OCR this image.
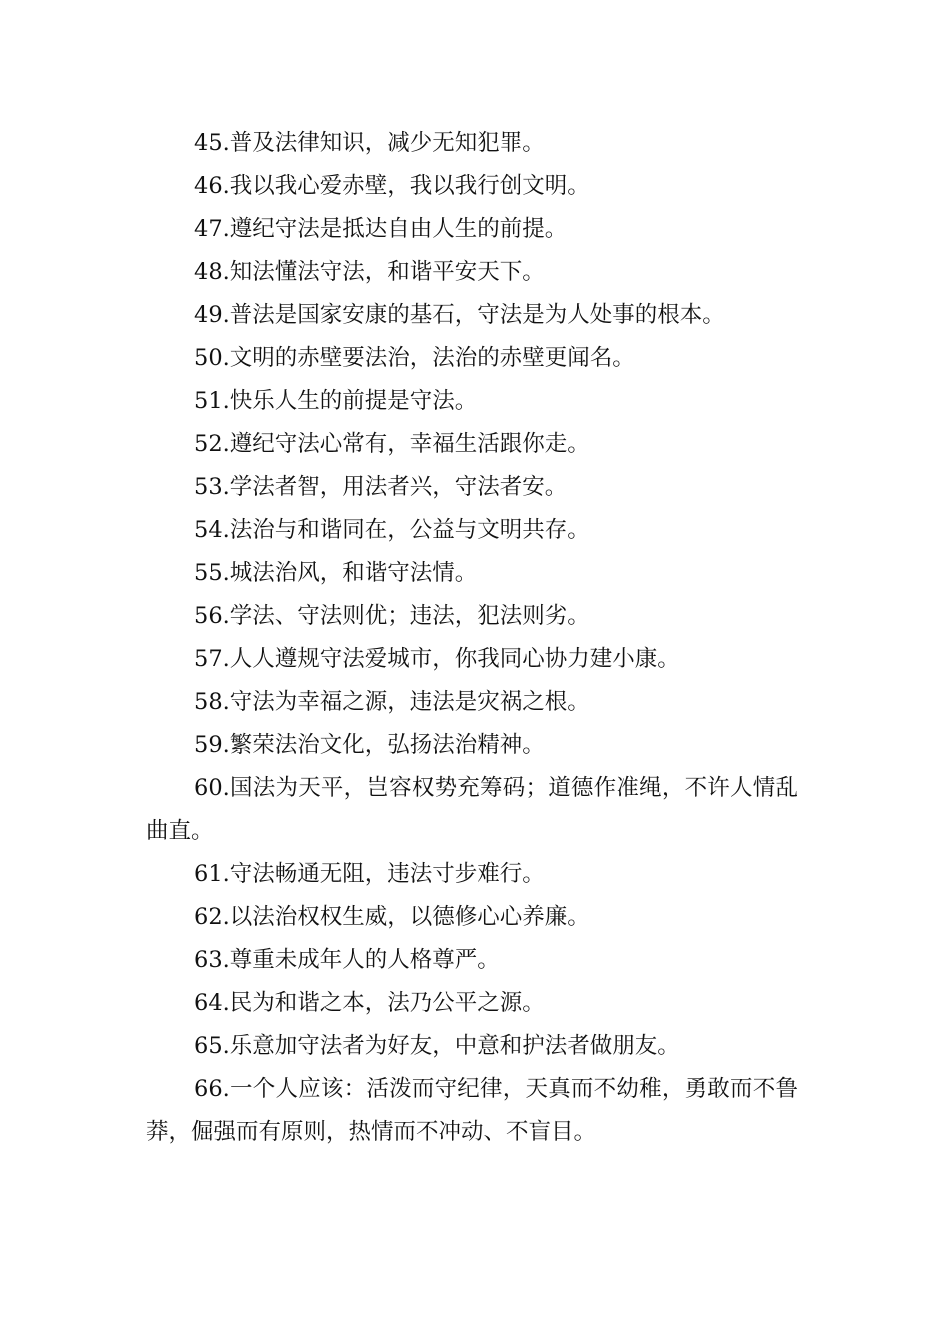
45.普及法律知识，减少无知犯罪。

46.我以我心爱赤壁，我以我行创文明。

47.遵纪守法是抵达自由人生的前提。

48.知法懂法守法，和谐平安天下。

49.普法是国家安康的基石，守法是为人处事的根本。

50.文明的赤壁要法治，法治的赤壁更闻名。

51.快乐人生的前提是守法。

52.遵纪守法心常有，幸福生活跟你走。

53.学法者智，用法者兴，守法者安。

54.法治与和谐同在，公益与文明共存。

55.城法治风，和谐守法情。

56.学法、守法则优；违法，犯法则劣。

57.人人遵规守法爱城市，你我同心协力建小康。

58.守法为幸福之源，违法是灾祸之根。

59.繁荣法治文化，弘扬法治精神。

60.国法为天平，岂容权势充筹码；道德作准绳，不许人情乱曲直。

61.守法畅通无阻，违法寸步难行。

62.以法治权权生威，以德修心心养廉。

63.尊重未成年人的人格尊严。

64.民为和谐之本，法乃公平之源。

65.乐意加守法者为好友，中意和护法者做朋友。

66.一个人应该：活泼而守纪律，天真而不幼稚，勇敢而不鲁莽，倔强而有原则，热情而不冲动、不盲目。
